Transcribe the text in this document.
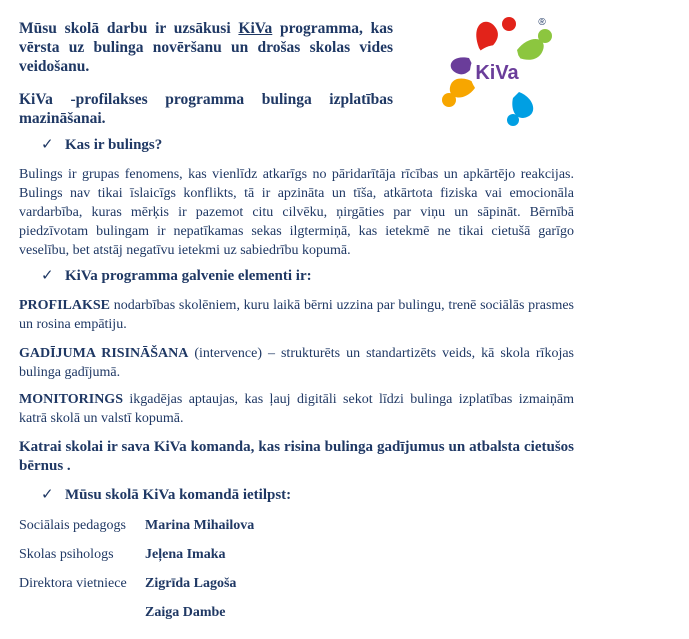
Mūsu skolā darbu ir uzsākusi KiVa programma, kas vērsta uz bulinga novēršanu un drošas skolas vides veidošanu.
KiVa -profilakses programma bulinga izplatības mazināšanai.
KiVa
®
✓ Kas ir bulings?
Bulings ir grupas fenomens, kas vienlīdz atkarīgs no pāridarītāja rīcības un apkārtējo reakcijas. Bulings nav tikai īslaicīgs konflikts, tā ir apzināta un tīša, atkārtota fiziska vai emocionāla vardarbība, kuras mērķis ir pazemot citu cilvēku, ņirgāties par viņu un sāpināt. Bērnībā piedzīvotam bulingam ir nepatīkamas sekas ilgtermiņā, kas ietekmē ne tikai cietušā garīgo veselību, bet atstāj negatīvu ietekmi uz sabiedrību kopumā.
✓ KiVa programma galvenie elementi ir:
PROFILAKSE nodarbības skolēniem, kuru laikā bērni uzzina par bulingu, trenē sociālās prasmes un rosina empātiju.
GADĪJUMA RISINĀŠANA (intervence) – strukturēts un standartizēts veids, kā skola rīkojas bulinga gadījumā.
MONITORINGS ikgadējas aptaujas, kas ļauj digitāli sekot līdzi bulinga izplatības izmaiņām katrā skolā un valstī kopumā.
Katrai skolai ir sava KiVa komanda, kas risina bulinga gadījumus un atbalsta cietušos bērnus .
✓ Mūsu skolā KiVa komandā ietilpst:
Sociālais pedagogs Marina Mihailova
Skolas psihologs Jeļena Imaka
Direktora vietniece Zigrīda Lagoša
Zaiga Dambe
